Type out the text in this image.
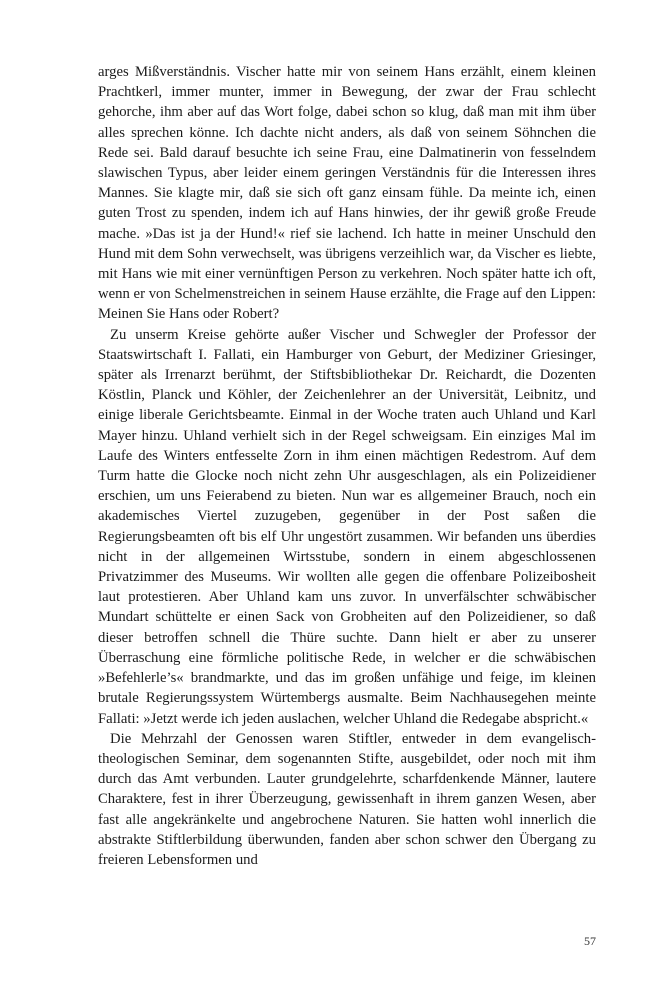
arges Mißverständnis. Vischer hatte mir von seinem Hans erzählt, einem kleinen Prachtkerl, immer munter, immer in Bewegung, der zwar der Frau schlecht gehorche, ihm aber auf das Wort folge, dabei schon so klug, daß man mit ihm über alles sprechen könne. Ich dachte nicht anders, als daß von seinem Söhnchen die Rede sei. Bald darauf besuchte ich seine Frau, eine Dalmatinerin von fesselndem slawischen Typus, aber leider einem geringen Verständnis für die Interessen ihres Mannes. Sie klagte mir, daß sie sich oft ganz einsam fühle. Da meinte ich, einen guten Trost zu spenden, indem ich auf Hans hinwies, der ihr gewiß große Freude mache. »Das ist ja der Hund!« rief sie lachend. Ich hatte in meiner Unschuld den Hund mit dem Sohn verwechselt, was übrigens verzeihlich war, da Vischer es liebte, mit Hans wie mit einer vernünftigen Person zu verkehren. Noch später hatte ich oft, wenn er von Schelmenstreichen in seinem Hause erzählte, die Frage auf den Lippen: Meinen Sie Hans oder Robert?

Zu unserm Kreise gehörte außer Vischer und Schwegler der Professor der Staatswirtschaft I. Fallati, ein Hamburger von Geburt, der Mediziner Griesinger, später als Irrenarzt berühmt, der Stiftsbibliothekar Dr. Reichardt, die Dozenten Köstlin, Planck und Köhler, der Zeichenlehrer an der Universität, Leibnitz, und einige liberale Gerichtsbeamte. Einmal in der Woche traten auch Uhland und Karl Mayer hinzu. Uhland verhielt sich in der Regel schweigsam. Ein einziges Mal im Laufe des Winters entfesselte Zorn in ihm einen mächtigen Redestrom. Auf dem Turm hatte die Glocke noch nicht zehn Uhr ausgeschlagen, als ein Polizeidiener erschien, um uns Feierabend zu bieten. Nun war es allgemeiner Brauch, noch ein akademisches Viertel zuzugeben, gegenüber in der Post saßen die Regierungsbeamten oft bis elf Uhr ungestört zusammen. Wir befanden uns überdies nicht in der allgemeinen Wirtsstube, sondern in einem abgeschlossenen Privatzimmer des Museums. Wir wollten alle gegen die offenbare Polizeibosheit laut protestieren. Aber Uhland kam uns zuvor. In unverfälschter schwäbischer Mundart schüttelte er einen Sack von Grobheiten auf den Polizeidiener, so daß dieser betroffen schnell die Thüre suchte. Dann hielt er aber zu unserer Überraschung eine förmliche politische Rede, in welcher er die schwäbischen »Befehlerle’s« brandmarkte, und das im großen unfähige und feige, im kleinen brutale Regierungssystem Würtembergs ausmalte. Beim Nachhausegehen meinte Fallati: »Jetzt werde ich jeden auslachen, welcher Uhland die Redegabe abspricht.«

Die Mehrzahl der Genossen waren Stiftler, entweder in dem evangelisch-theologischen Seminar, dem sogenannten Stifte, ausgebildet, oder noch mit ihm durch das Amt verbunden. Lauter grundgelehrte, scharfdenkende Männer, lautere Charaktere, fest in ihrer Überzeugung, gewissenhaft in ihrem ganzen Wesen, aber fast alle angekränkelte und angebrochene Naturen. Sie hatten wohl innerlich die abstrakte Stiftlerbildung überwunden, fanden aber schon schwer den Übergang zu freieren Lebensformen und

57
